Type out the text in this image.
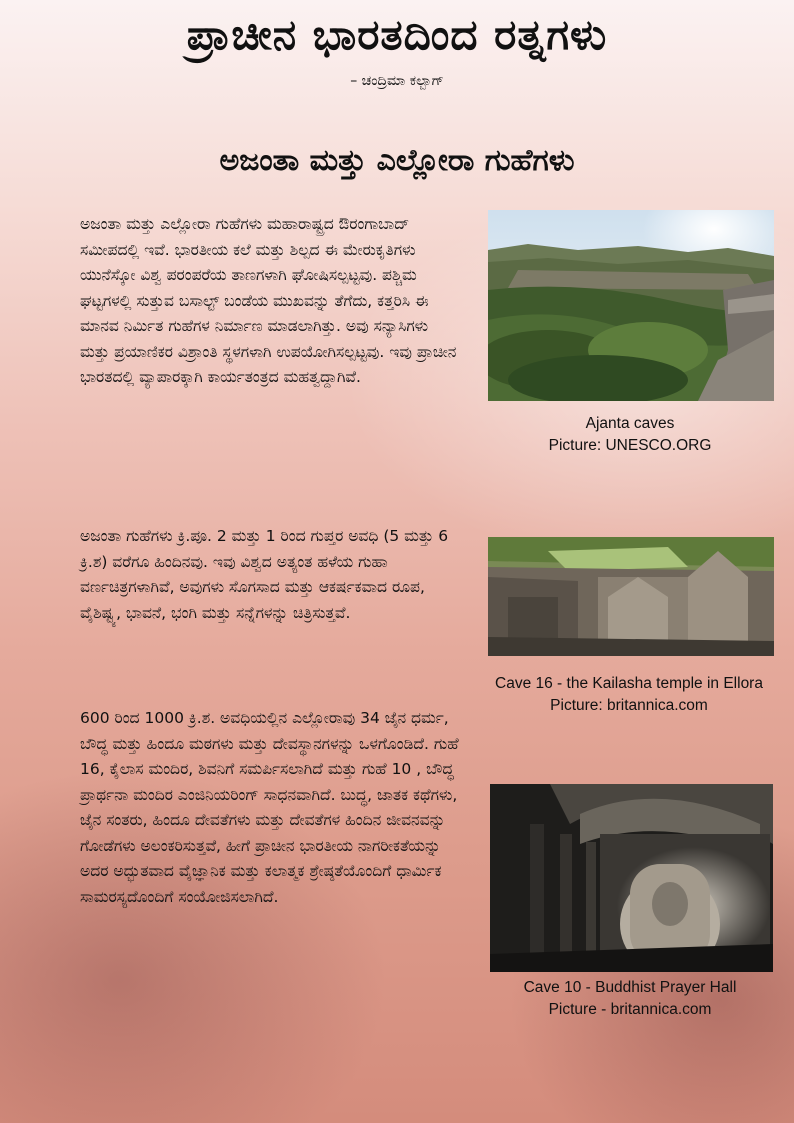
ಪ್ರಾಚೀನ ಭಾರತದಿಂದ ರತ್ನಗಳು

– ಚಂದ್ರಿಮಾ ಕಲ್ಬಾಗ್

ಅಜಂತಾ ಮತ್ತು ಎಲ್ಲೋರಾ ಗುಹೆಗಳು

ಅಜಂತಾ ಮತ್ತು ಎಲ್ಲೋರಾ ಗುಹೆಗಳು ಮಹಾರಾಷ್ಟ್ರದ ಔರಂಗಾಬಾದ್ ಸಮೀಪದಲ್ಲಿ ಇವೆ. ಭಾರತೀಯ ಕಲೆ ಮತ್ತು ಶಿಲ್ಪದ ಈ ಮೇರುಕೃತಿಗಳು ಯುನೆಸ್ಕೋ ವಿಶ್ವ ಪರಂಪರೆಯ ತಾಣಗಳಾಗಿ ಘೋಷಿಸಲ್ಪಟ್ಟವು. ಪಶ್ಚಿಮ ಘಟ್ಟಗಳಲ್ಲಿ ಸುತ್ತುವ ಬಸಾಲ್ಟ್ ಬಂಡೆಯ ಮುಖವನ್ನು ತೆಗೆದು, ಕತ್ತರಿಸಿ ಈ ಮಾನವ ನಿರ್ಮಿತ ಗುಹೆಗಳ ನಿರ್ಮಾಣ ಮಾಡಲಾಗಿತ್ತು. ಅವು ಸನ್ಯಾಸಿಗಳು ಮತ್ತು ಪ್ರಯಾಣಿಕರ ವಿಶ್ರಾಂತಿ ಸ್ಥಳಗಳಾಗಿ ಉಪಯೋಗಿಸಲ್ಪಟ್ಟವು. ಇವು ಪ್ರಾಚೀನ ಭಾರತದಲ್ಲಿ ವ್ಯಾಪಾರಕ್ಕಾಗಿ ಕಾರ್ಯತಂತ್ರದ ಮಹತ್ವದ್ದಾಗಿವೆ.

ಅಜಂತಾ ಗುಹೆಗಳು ಕ್ರಿ.ಪೂ. 2 ಮತ್ತು 1 ರಿಂದ ಗುಪ್ತರ ಅವಧಿ (5 ಮತ್ತು 6 ಕ್ರಿ.ಶ) ವರೆಗೂ ಹಿಂದಿನವು. ಇವು ವಿಶ್ವದ ಅತ್ಯಂತ ಹಳೆಯ ಗುಹಾ ವರ್ಣಚಿತ್ರಗಳಾಗಿವೆ, ಅವುಗಳು ಸೊಗಸಾದ ಮತ್ತು ಆಕರ್ಷಕವಾದ ರೂಪ, ವೈಶಿಷ್ಟ್ಯ, ಭಾವನೆ, ಭಂಗಿ ಮತ್ತು ಸನ್ನೆಗಳನ್ನು ಚಿತ್ರಿಸುತ್ತವೆ.

600 ರಿಂದ 1000 ಕ್ರಿ.ಶ. ಅವಧಿಯಲ್ಲಿನ ಎಲ್ಲೋರಾವು 34 ಜೈನ ಧರ್ಮ, ಬೌದ್ಧ ಮತ್ತು ಹಿಂದೂ ಮಠಗಳು ಮತ್ತು ದೇವಸ್ಥಾನಗಳನ್ನು ಒಳಗೊಂಡಿದೆ. ಗುಹೆ 16, ಕೈಲಾಸ ಮಂದಿರ, ಶಿವನಿಗೆ ಸಮರ್ಪಿಸಲಾಗಿದೆ ಮತ್ತು ಗುಹೆ 10 , ಬೌದ್ಧ ಪ್ರಾರ್ಥನಾ ಮಂದಿರ ಎಂಜಿನಿಯರಿಂಗ್ ಸಾಧನವಾಗಿದೆ. ಬುದ್ಧ, ಜಾತಕ ಕಥೆಗಳು, ಜೈನ ಸಂತರು, ಹಿಂದೂ ದೇವತೆಗಳು ಮತ್ತು ದೇವತೆಗಳ ಹಿಂದಿನ ಜೀವನವನ್ನು ಗೋಡೆಗಳು ಅಲಂಕರಿಸುತ್ತವೆ, ಹೀಗೆ ಪ್ರಾಚೀನ ಭಾರತೀಯ ನಾಗರೀಕತೆಯನ್ನು ಅದರ ಅದ್ಭುತವಾದ ವೈಜ್ಞಾನಿಕ ಮತ್ತು ಕಲಾತ್ಮಕ ಶ್ರೇಷ್ಠತೆಯೊಂದಿಗೆ ಧಾರ್ಮಿಕ ಸಾಮರಸ್ಯದೊಂದಿಗೆ ಸಂಯೋಜಿಸಲಾಗಿದೆ.

Ajanta caves
Picture: UNESCO.ORG

Cave 16 - the Kailasha temple in Ellora
Picture: britannica.com

Cave 10 - Buddhist Prayer Hall
Picture - britannica.com
